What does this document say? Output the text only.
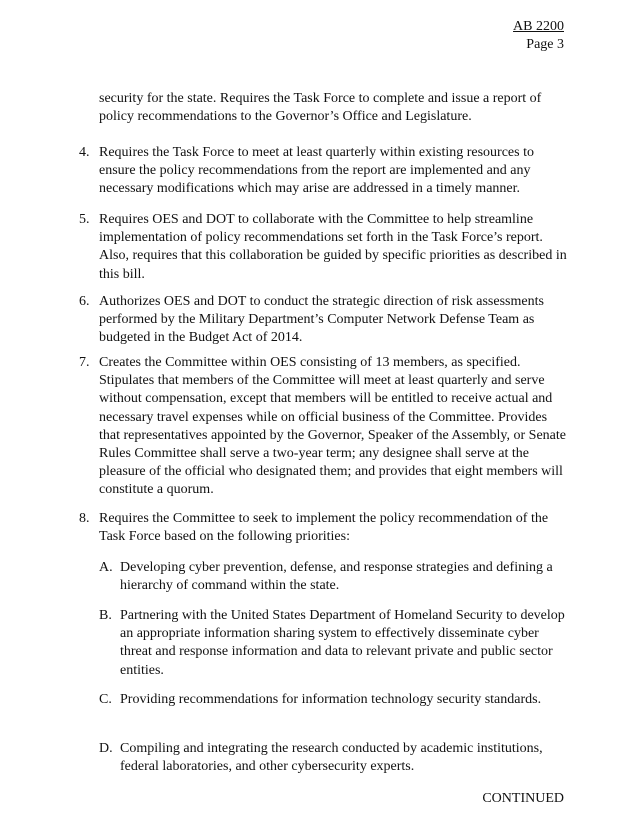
AB 2200
Page 3
security for the state. Requires the Task Force to complete and issue a report of policy recommendations to the Governor’s Office and Legislature.
4. Requires the Task Force to meet at least quarterly within existing resources to ensure the policy recommendations from the report are implemented and any necessary modifications which may arise are addressed in a timely manner.
5. Requires OES and DOT to collaborate with the Committee to help streamline implementation of policy recommendations set forth in the Task Force’s report. Also, requires that this collaboration be guided by specific priorities as described in this bill.
6. Authorizes OES and DOT to conduct the strategic direction of risk assessments performed by the Military Department’s Computer Network Defense Team as budgeted in the Budget Act of 2014.
7. Creates the Committee within OES consisting of 13 members, as specified. Stipulates that members of the Committee will meet at least quarterly and serve without compensation, except that members will be entitled to receive actual and necessary travel expenses while on official business of the Committee. Provides that representatives appointed by the Governor, Speaker of the Assembly, or Senate Rules Committee shall serve a two-year term; any designee shall serve at the pleasure of the official who designated them; and provides that eight members will constitute a quorum.
8. Requires the Committee to seek to implement the policy recommendation of the Task Force based on the following priorities:
A. Developing cyber prevention, defense, and response strategies and defining a hierarchy of command within the state.
B. Partnering with the United States Department of Homeland Security to develop an appropriate information sharing system to effectively disseminate cyber threat and response information and data to relevant private and public sector entities.
C. Providing recommendations for information technology security standards.
D. Compiling and integrating the research conducted by academic institutions, federal laboratories, and other cybersecurity experts.
CONTINUED
